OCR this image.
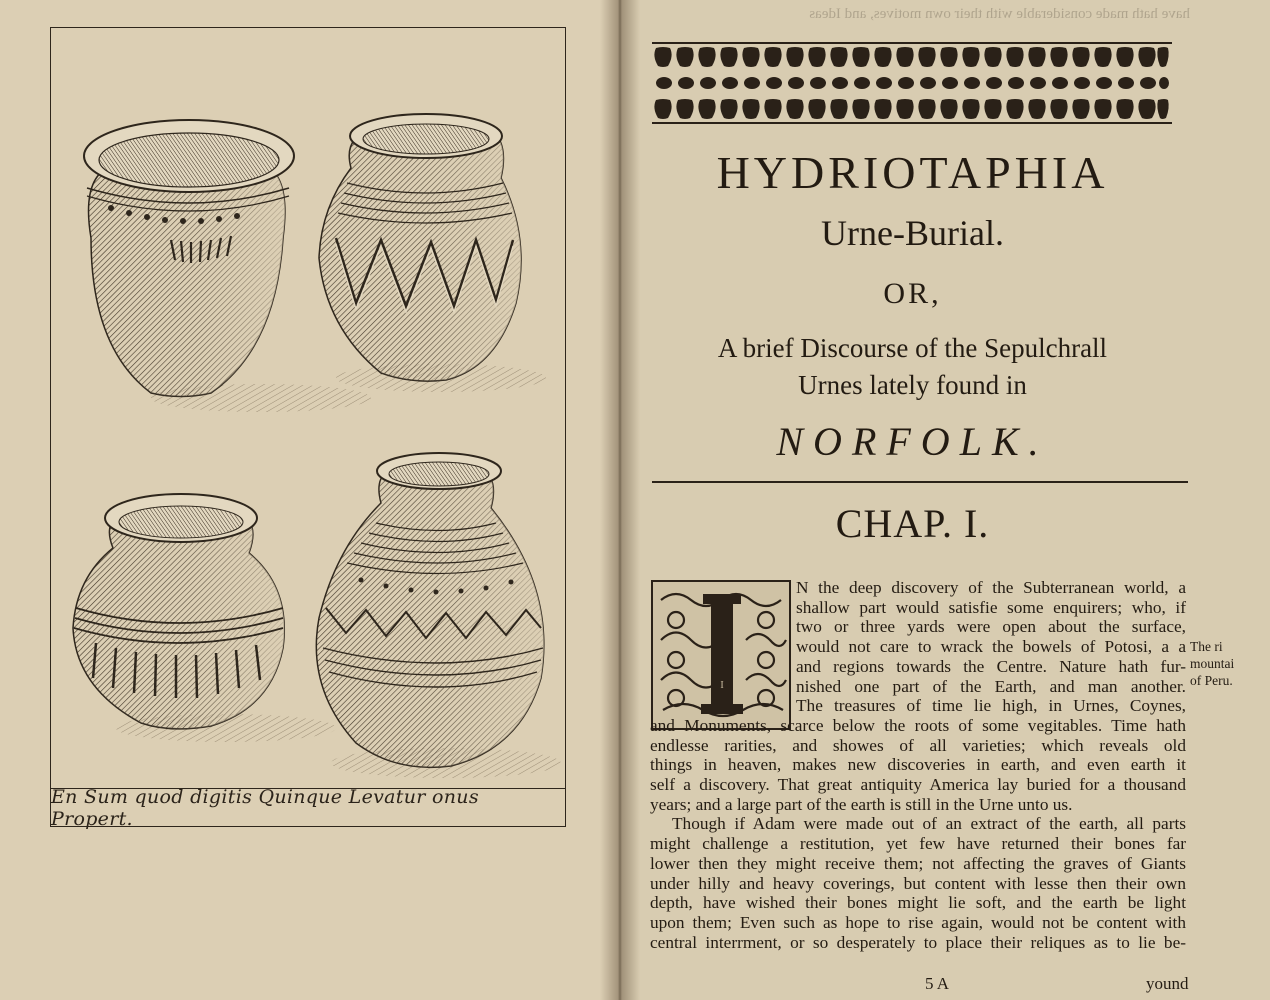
En Sum quod digitis Quinque Levatur onus Propert.
have hath made considerable with their own motives, and Ideas
HYDRIOTAPHIA
Urne-Burial.
OR,
A brief Discourse of the Sepulchrall
Urnes lately found in
NORFOLK.
CHAP. I.
I
N the deep discovery of the Subterranean world, a
shallow part would satisfie some enquirers; who, if
two or three yards were open about the surface,
would not care to wrack the bowels of Potosi, a a
and regions towards the Centre. Nature hath fur-
nished one part of the Earth, and man another.
The treasures of time lie high, in Urnes, Coynes,
and Monuments, scarce below the roots of some vegitables. Time hath
endlesse rarities, and showes of all varieties; which reveals old
things in heaven, makes new discoveries in earth, and even earth it
self a discovery. That great antiquity America lay buried for a thousand
years; and a large part of the earth is still in the Urne unto us.
Though if Adam were made out of an extract of the earth, all parts
might challenge a restitution, yet few have returned their bones far
lower then they might receive them; not affecting the graves of Giants
under hilly and heavy coverings, but content with lesse then their own
depth, have wished their bones might lie soft, and the earth be light
upon them; Even such as hope to rise again, would not be content with
central interrment, or so desperately to place their reliques as to lie be-
The ri
mountai
of Peru.
5 A	yound
